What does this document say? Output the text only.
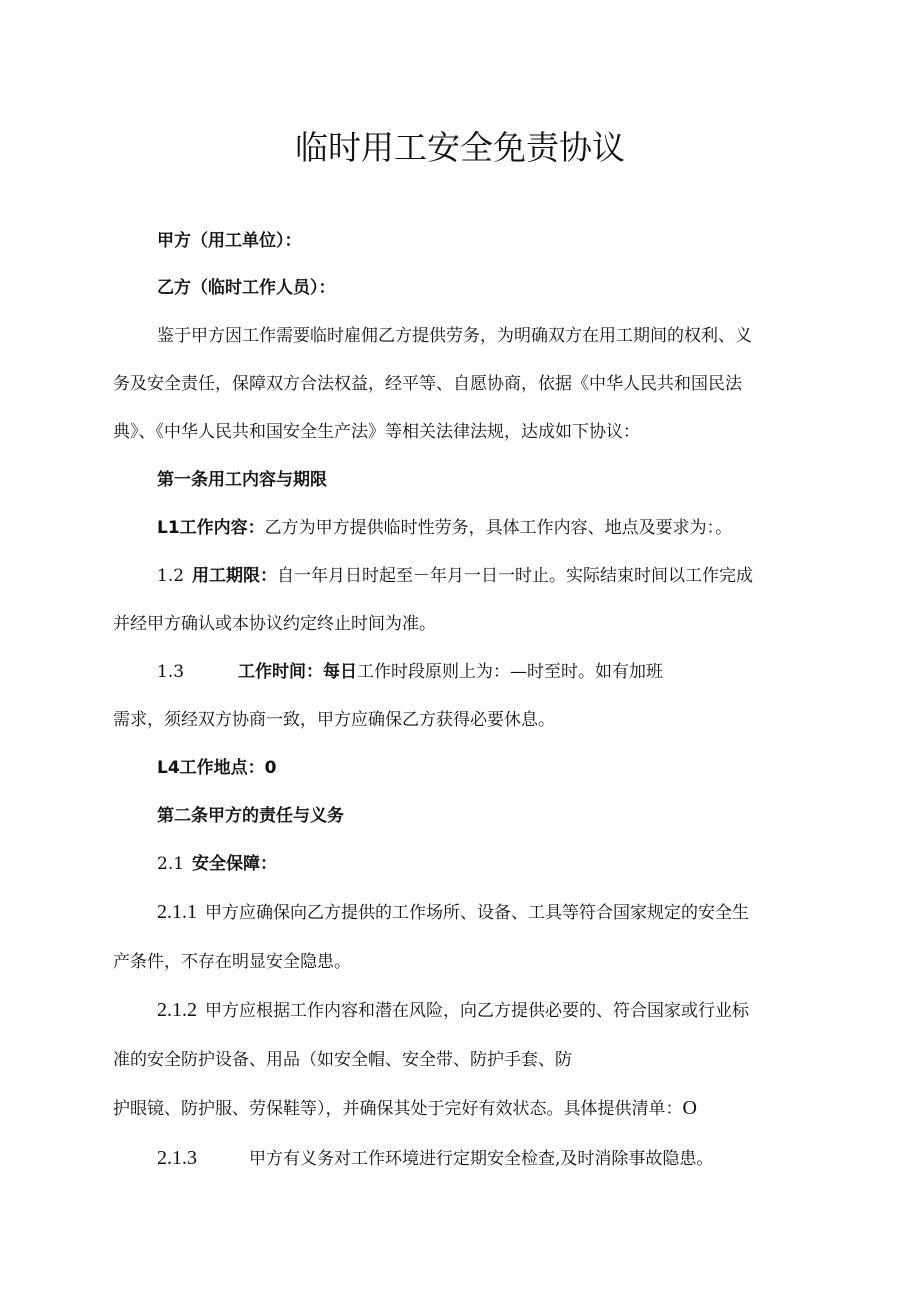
临时用工安全免责协议
甲方（用工单位）：
乙方（临时工作人员）：
鉴于甲方因工作需要临时雇佣乙方提供劳务，为明确双方在用工期间的权利、义
务及安全责任，保障双方合法权益，经平等、自愿协商，依据《中华人民共和国民法
典》、《中华人民共和国安全生产法》等相关法律法规，达成如下协议：
第一条用工内容与期限
L1工作内容：乙方为甲方提供临时性劳务，具体工作内容、地点及要求为：。
1.2 用工期限：自一年月日时起至－年月一日一时止。实际结束时间以工作完成
并经甲方确认或本协议约定终止时间为准。
1.3	工作时间：每日工作时段原则上为：—时至时。如有加班
需求，须经双方协商一致，甲方应确保乙方获得必要休息。
L4工作地点：0
第二条甲方的责任与义务
2.1 安全保障：
2.1.1 甲方应确保向乙方提供的工作场所、设备、工具等符合国家规定的安全生
产条件，不存在明显安全隐患。
2.1.2 甲方应根据工作内容和潜在风险，向乙方提供必要的、符合国家或行业标
准的安全防护设备、用品（如安全帽、安全带、防护手套、防
护眼镜、防护服、劳保鞋等），并确保其处于完好有效状态。具体提供清单：O
2.1.3	甲方有义务对工作环境进行定期安全检查,及时消除事故隐患。
